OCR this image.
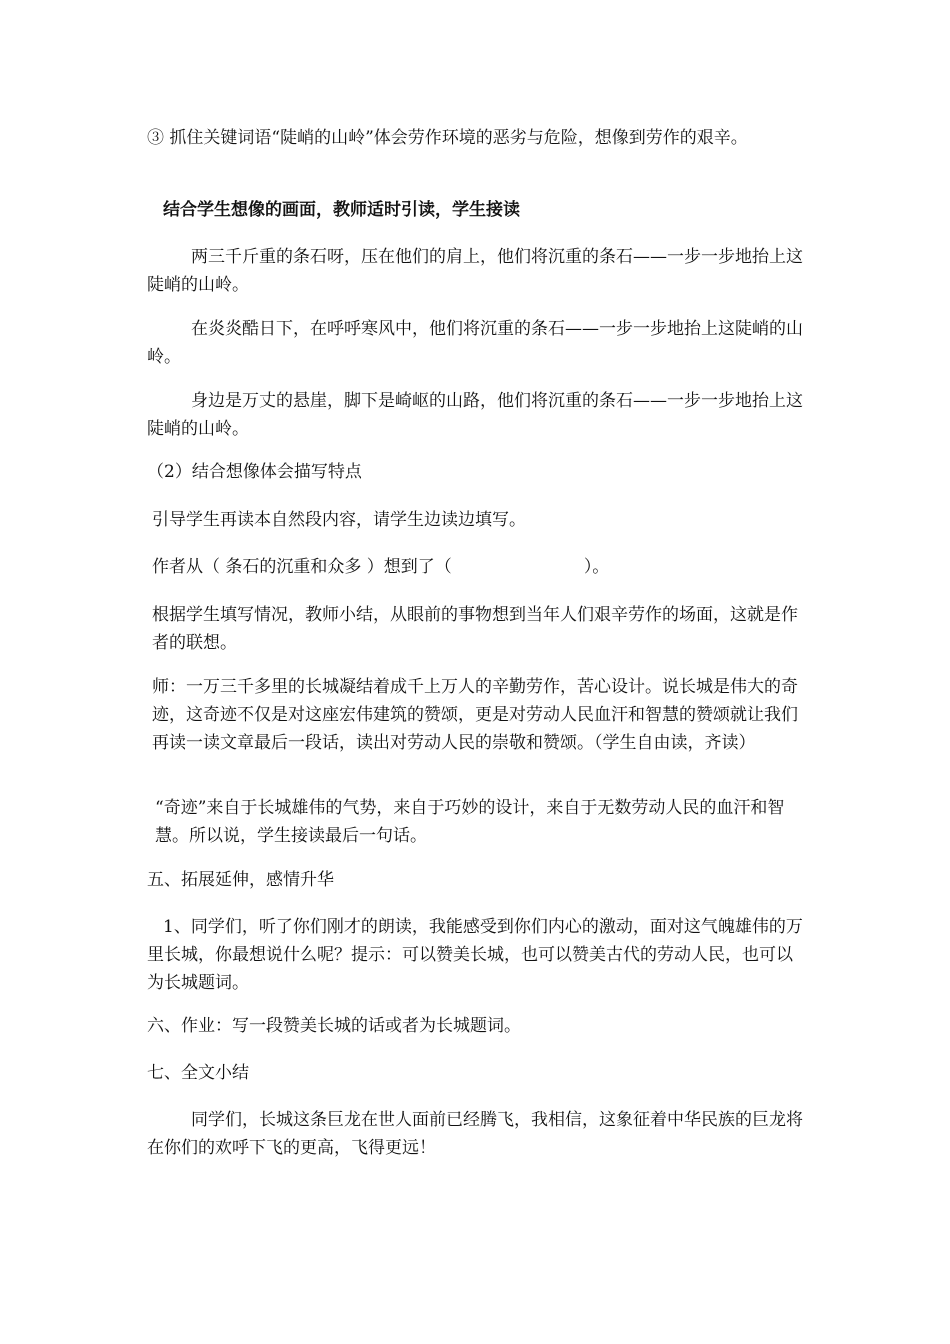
③ 抓住关键词语“陡峭的山岭”体会劳作环境的恶劣与危险，想像到劳作的艰辛。

结合学生想像的画面，教师适时引读，学生接读

两三千斤重的条石呀，压在他们的肩上，他们将沉重的条石——一步一步地抬上这陡峭的山岭。

在炎炎酷日下，在呼呼寒风中，他们将沉重的条石——一步一步地抬上这陡峭的山岭。

身边是万丈的悬崖，脚下是崎岖的山路，他们将沉重的条石——一步一步地抬上这陡峭的山岭。

（2）结合想像体会描写特点

引导学生再读本自然段内容，请学生边读边填写。

作者从（ 条石的沉重和众多 ）想到了（	）。

根据学生填写情况，教师小结，从眼前的事物想到当年人们艰辛劳作的场面，这就是作者的联想。

师：一万三千多里的长城凝结着成千上万人的辛勤劳作，苦心设计。说长城是伟大的奇迹，这奇迹不仅是对这座宏伟建筑的赞颂，更是对劳动人民血汗和智慧的赞颂就让我们再读一读文章最后一段话，读出对劳动人民的崇敬和赞颂。（学生自由读，齐读）

“奇迹”来自于长城雄伟的气势，来自于巧妙的设计，来自于无数劳动人民的血汗和智慧。所以说，学生接读最后一句话。

五、拓展延伸，感情升华

1、同学们，听了你们刚才的朗读，我能感受到你们内心的激动，面对这气魄雄伟的万里长城，你最想说什么呢？提示：可以赞美长城，也可以赞美古代的劳动人民，也可以为长城题词。

六、作业：写一段赞美长城的话或者为长城题词。

七、全文小结

同学们，长城这条巨龙在世人面前已经腾飞，我相信，这象征着中华民族的巨龙将在你们的欢呼下飞的更高，飞得更远！
